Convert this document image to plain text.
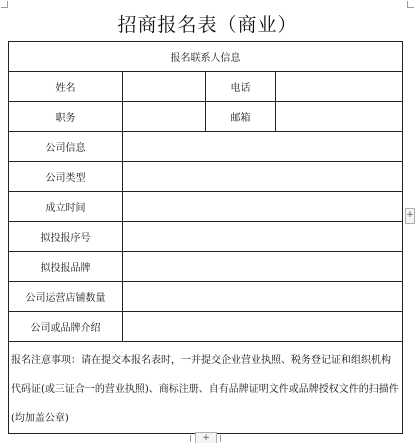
招商报名表（商业）
报名联系人信息			
姓名		电话	
职务		邮箱	
公司信息			
公司类型			
成立时间			
拟投报序号			
拟投报品牌			
公司运营店铺数量			
公司或品牌介绍			

报名注意事项：请在提交本报名表时，一并提交企业营业执照、税务登记证和组织机构代码证(或三证合一的营业执照)、商标注册、自有品牌证明文件或品牌授权文件的扫描件(均加盖公章)			
+
+
